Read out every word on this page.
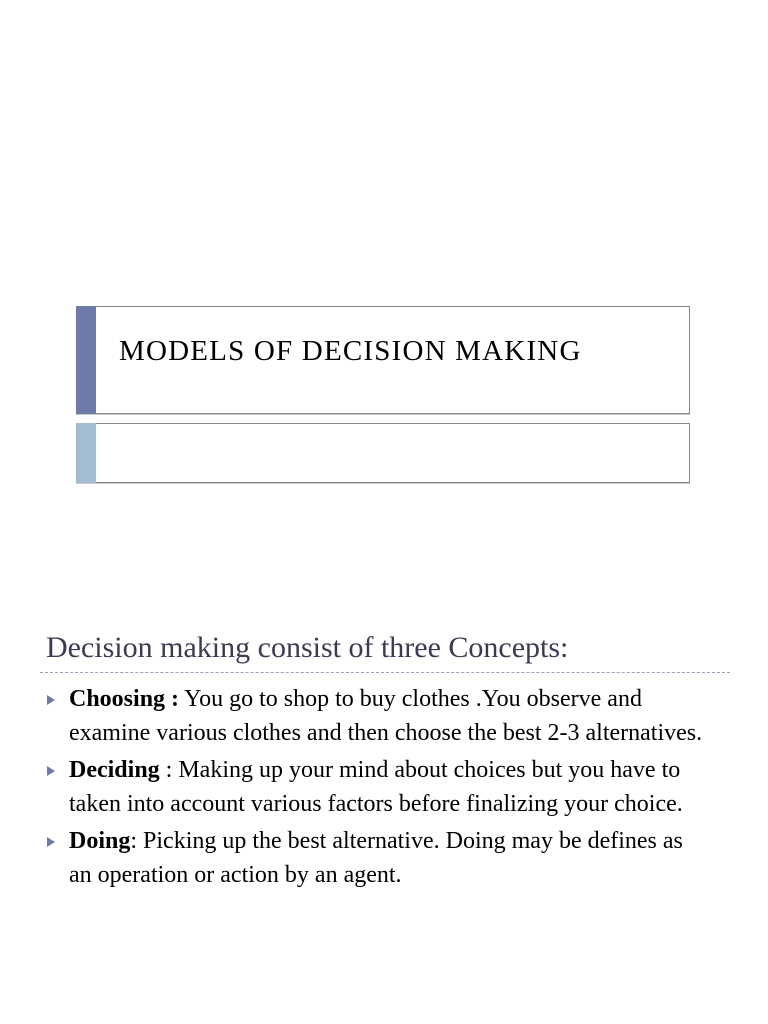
MODELS OF DECISION MAKING
Decision making consist of three Concepts:
Choosing : You go to shop to buy clothes .You observe and examine various clothes and then choose the best 2-3 alternatives.
Deciding : Making up your mind about choices but you have to taken into account various factors before finalizing your choice.
Doing: Picking up the best alternative. Doing may be defines as an operation or action by an agent.
